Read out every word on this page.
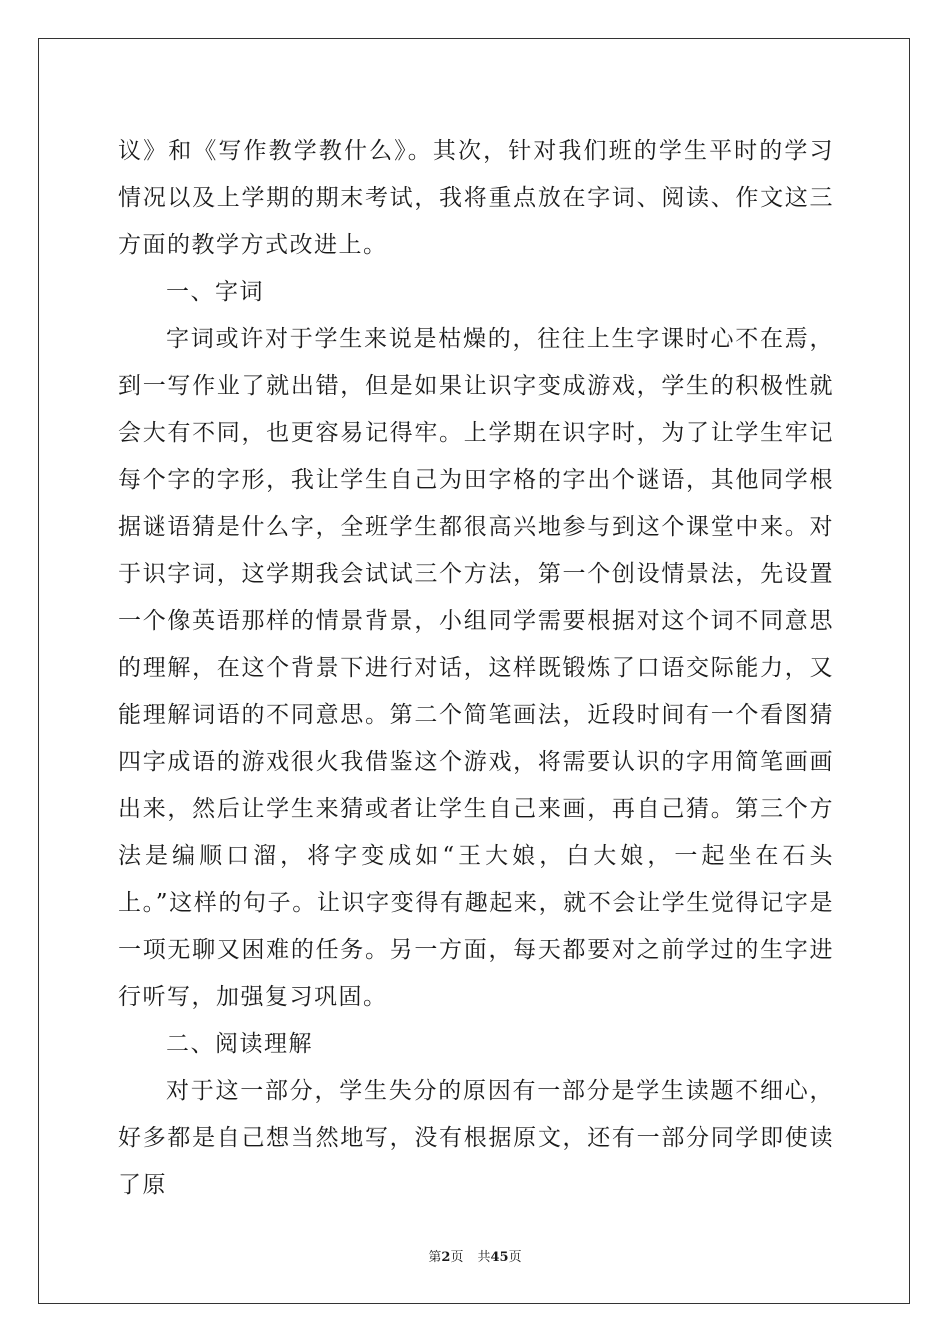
议》和《写作教学教什么》。其次，针对我们班的学生平时的学习情况以及上学期的期末考试，我将重点放在字词、阅读、作文这三方面的教学方式改进上。

一、字词

字词或许对于学生来说是枯燥的，往往上生字课时心不在焉，到一写作业了就出错，但是如果让识字变成游戏，学生的积极性就会大有不同，也更容易记得牢。上学期在识字时，为了让学生牢记每个字的字形，我让学生自己为田字格的字出个谜语，其他同学根据谜语猜是什么字，全班学生都很高兴地参与到这个课堂中来。对于识字词，这学期我会试试三个方法，第一个创设情景法，先设置一个像英语那样的情景背景，小组同学需要根据对这个词不同意思的理解，在这个背景下进行对话，这样既锻炼了口语交际能力，又能理解词语的不同意思。第二个简笔画法，近段时间有一个看图猜四字成语的游戏很火我借鉴这个游戏，将需要认识的字用简笔画画出来，然后让学生来猜或者让学生自己来画，再自己猜。第三个方法是编顺口溜，将字变成如“王大娘，白大娘，一起坐在石头上。”这样的句子。让识字变得有趣起来，就不会让学生觉得记字是一项无聊又困难的任务。另一方面，每天都要对之前学过的生字进行听写，加强复习巩固。

二、阅读理解

对于这一部分，学生失分的原因有一部分是学生读题不细心，好多都是自己想当然地写，没有根据原文，还有一部分同学即使读了原

第2页 共45页
